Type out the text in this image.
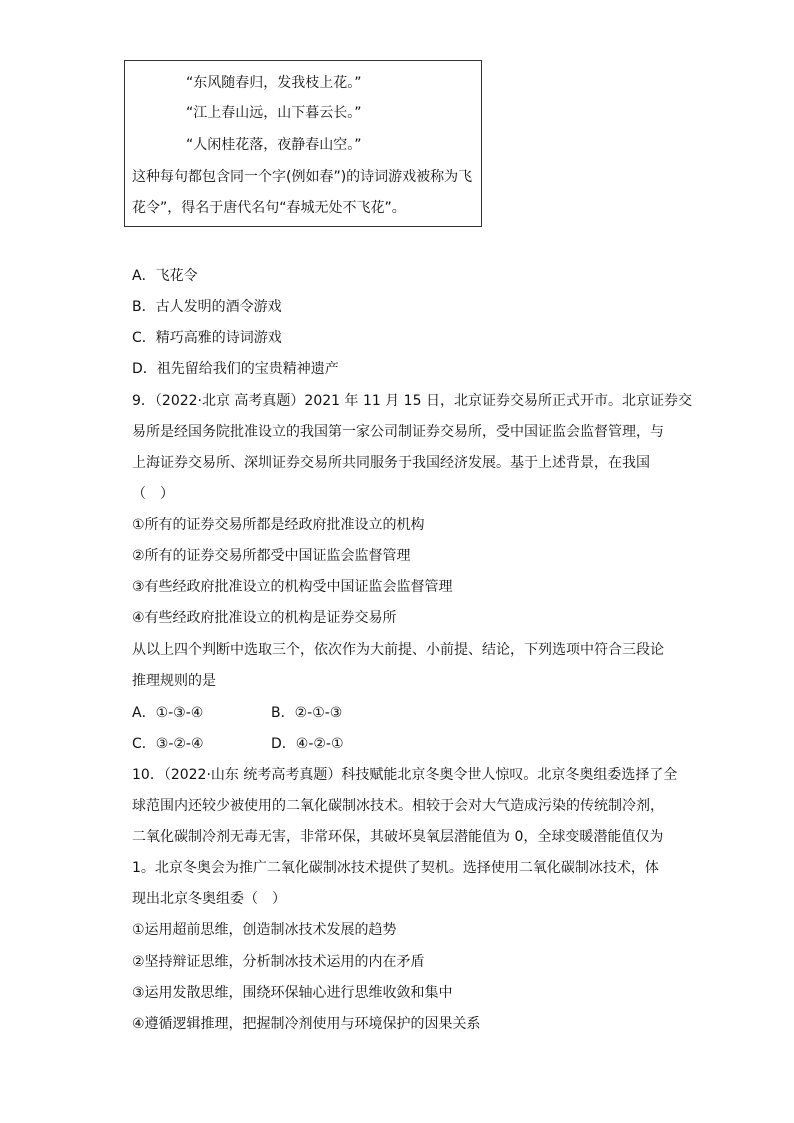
“东风随春归，发我枝上花。”
“江上春山远，山下暮云长。”
“人闲桂花落，夜静春山空。”
这种每句都包含同一个字(例如春”)的诗词游戏被称为飞
花令”，得名于唐代名句“春城无处不飞花”。
A．飞花令
B．古人发明的酒令游戏
C．精巧高雅的诗词游戏
D．祖先留给我们的宝贵精神遗产
9．（2022·北京 高考真题）2021 年 11 月 15 日，北京证券交易所正式开市。北京证券交
易所是经国务院批准设立的我国第一家公司制证券交易所，受中国证监会监督管理，与
上海证券交易所、深圳证券交易所共同服务于我国经济发展。基于上述背景，在我国
（　）
①所有的证券交易所都是经政府批准设立的机构
②所有的证券交易所都受中国证监会监督管理
③有些经政府批准设立的机构受中国证监会监督管理
④有些经政府批准设立的机构是证券交易所
从以上四个判断中选取三个，依次作为大前提、小前提、结论，下列选项中符合三段论
推理规则的是
A．①-③-④	B．②-①-③
C．③-②-④	D．④-②-①
10．（2022·山东 统考高考真题）科技赋能北京冬奥令世人惊叹。北京冬奥组委选择了全
球范围内还较少被使用的二氧化碳制冰技术。相较于会对大气造成污染的传统制冷剂，
二氧化碳制冷剂无毒无害，非常环保，其破坏臭氧层潜能值为 0，全球变暖潜能值仅为
1。北京冬奥会为推广二氧化碳制冰技术提供了契机。选择使用二氧化碳制冰技术，体
现出北京冬奥组委（　）
①运用超前思维，创造制冰技术发展的趋势
②坚持辩证思维，分析制冰技术运用的内在矛盾
③运用发散思维，围绕环保轴心进行思维收敛和集中
④遵循逻辑推理，把握制冷剂使用与环境保护的因果关系
